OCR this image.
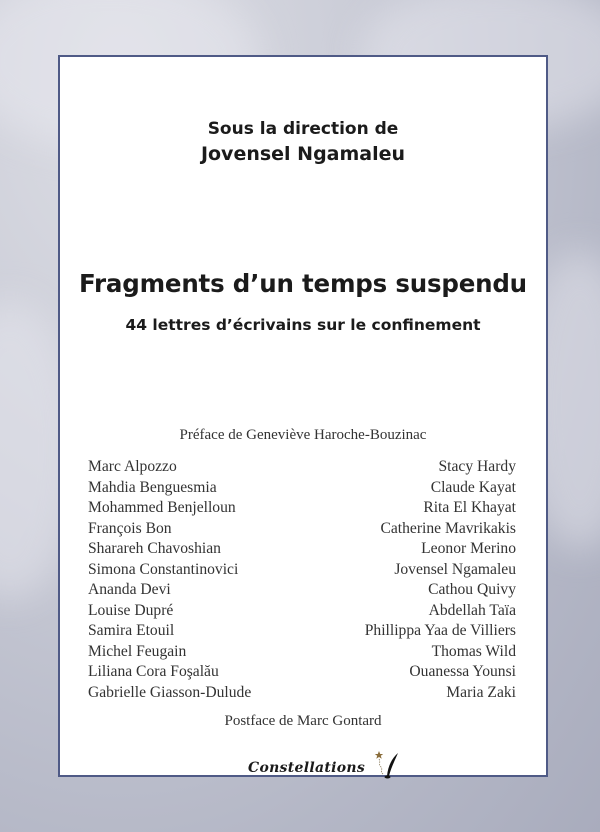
Sous la direction de
Jovensel Ngamaleu
Fragments d’un temps suspendu
44 lettres d’écrivains sur le confinement
Préface de Geneviève Haroche-Bouzinac
Marc Alpozzo
Mahdia Benguesmia
Mohammed Benjelloun
François Bon
Sharareh Chavoshian
Simona Constantinovici
Ananda Devi
Louise Dupré
Samira Etouil
Michel Feugain
Liliana Cora Foşalău
Gabrielle Giasson-Dulude
Stacy Hardy
Claude Kayat
Rita El Khayat
Catherine Mavrikakis
Leonor Merino
Jovensel Ngamaleu
Cathou Quivy
Abdellah Taïa
Phillippa Yaa de Villiers
Thomas Wild
Ouanessa Younsi
Maria Zaki
Postface de Marc Gontard
Constellations
